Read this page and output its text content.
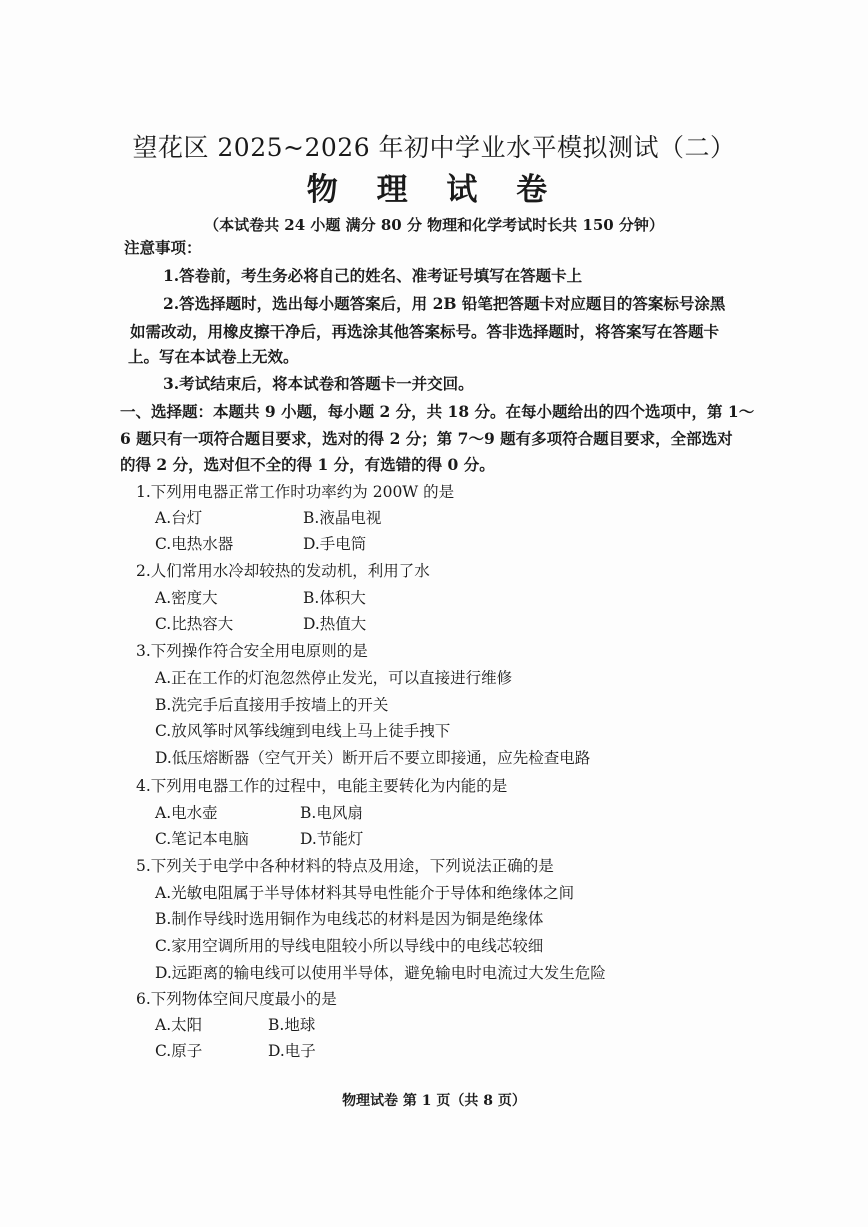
望花区 2025~2026 年初中学业水平模拟测试（二）
物 理 试 卷
（本试卷共 24 小题 满分 80 分 物理和化学考试时长共 150 分钟）
注意事项：
1.答卷前，考生务必将自己的姓名、准考证号填写在答题卡上
2.答选择题时，选出每小题答案后，用 2B 铅笔把答题卡对应题目的答案标号涂黑
如需改动，用橡皮擦干净后，再选涂其他答案标号。答非选择题时，将答案写在答题卡
上。写在本试卷上无效。
3.考试结束后，将本试卷和答题卡一并交回。
一、选择题：本题共 9 小题，每小题 2 分，共 18 分。在每小题给出的四个选项中，第 1～
6 题只有一项符合题目要求，选对的得 2 分；第 7～9 题有多项符合题目要求，全部选对
的得 2 分，选对但不全的得 1 分，有选错的得 0 分。
1.下列用电器正常工作时功率约为 200W 的是
A.台灯	B.液晶电视
C.电热水器	D.手电筒
2.人们常用水冷却较热的发动机，利用了水
A.密度大	B.体积大
C.比热容大	D.热值大
3.下列操作符合安全用电原则的是
A.正在工作的灯泡忽然停止发光，可以直接进行维修
B.洗完手后直接用手按墙上的开关
C.放风筝时风筝线缠到电线上马上徒手拽下
D.低压熔断器（空气开关）断开后不要立即接通，应先检查电路
4.下列用电器工作的过程中，电能主要转化为内能的是
A.电水壶	B.电风扇
C.笔记本电脑	D.节能灯
5.下列关于电学中各种材料的特点及用途，下列说法正确的是
A.光敏电阻属于半导体材料其导电性能介于导体和绝缘体之间
B.制作导线时选用铜作为电线芯的材料是因为铜是绝缘体
C.家用空调所用的导线电阻较小所以导线中的电线芯较细
D.远距离的输电线可以使用半导体，避免输电时电流过大发生危险
6.下列物体空间尺度最小的是
A.太阳	B.地球
C.原子	D.电子
物理试卷 第 1 页（共 8 页）
